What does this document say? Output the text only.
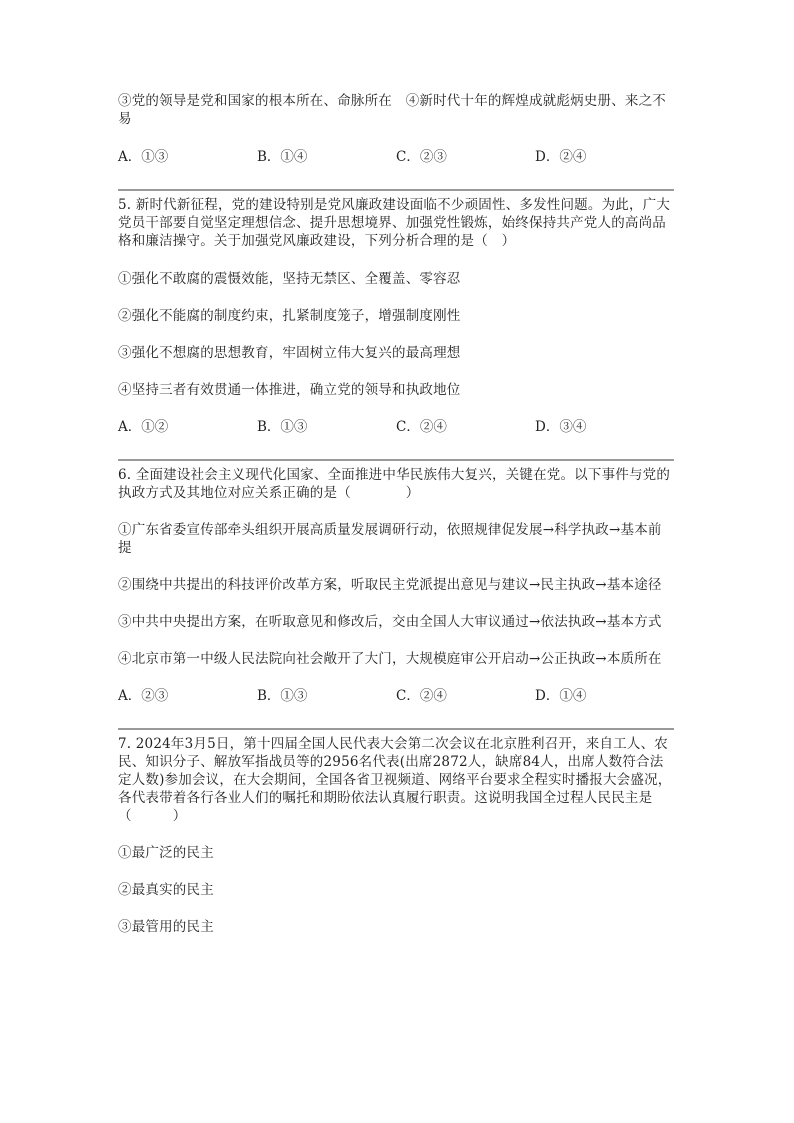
③党的领导是党和国家的根本所在、命脉所在　④新时代十年的辉煌成就彪炳史册、来之不易

A．①③	B．①④	C．②③	D．②④

5. 新时代新征程，党的建设特别是党风廉政建设面临不少顽固性、多发性问题。为此，广大党员干部要自觉坚定理想信念、提升思想境界、加强党性锻炼，始终保持共产党人的高尚品格和廉洁操守。关于加强党风廉政建设，下列分析合理的是（　）

①强化不敢腐的震慑效能，坚持无禁区、全覆盖、零容忍

②强化不能腐的制度约束，扎紧制度笼子，增强制度刚性

③强化不想腐的思想教育，牢固树立伟大复兴的最高理想

④坚持三者有效贯通一体推进，确立党的领导和执政地位

A．①②	B．①③	C．②④	D．③④

6. 全面建设社会主义现代化国家、全面推进中华民族伟大复兴，关键在党。以下事件与党的执政方式及其地位对应关系正确的是（　　　　）

①广东省委宣传部牵头组织开展高质量发展调研行动，依照规律促发展→科学执政→基本前提

②围绕中共提出的科技评价改革方案，听取民主党派提出意见与建议→民主执政→基本途径

③中共中央提出方案，在听取意见和修改后，交由全国人大审议通过→依法执政→基本方式

④北京市第一中级人民法院向社会敞开了大门，大规模庭审公开启动→公正执政→本质所在

A．②③	B．①③	C．②④	D．①④

7. 2024年3月5日，第十四届全国人民代表大会第二次会议在北京胜利召开，来自工人、农民、知识分子、解放军指战员等的2956名代表(出席2872人，缺席84人，出席人数符合法定人数)参加会议，在大会期间，全国各省卫视频道、网络平台要求全程实时播报大会盛况，各代表带着各行各业人们的嘱托和期盼依法认真履行职责。这说明我国全过程人民民主是（　　　）

①最广泛的民主

②最真实的民主

③最管用的民主
